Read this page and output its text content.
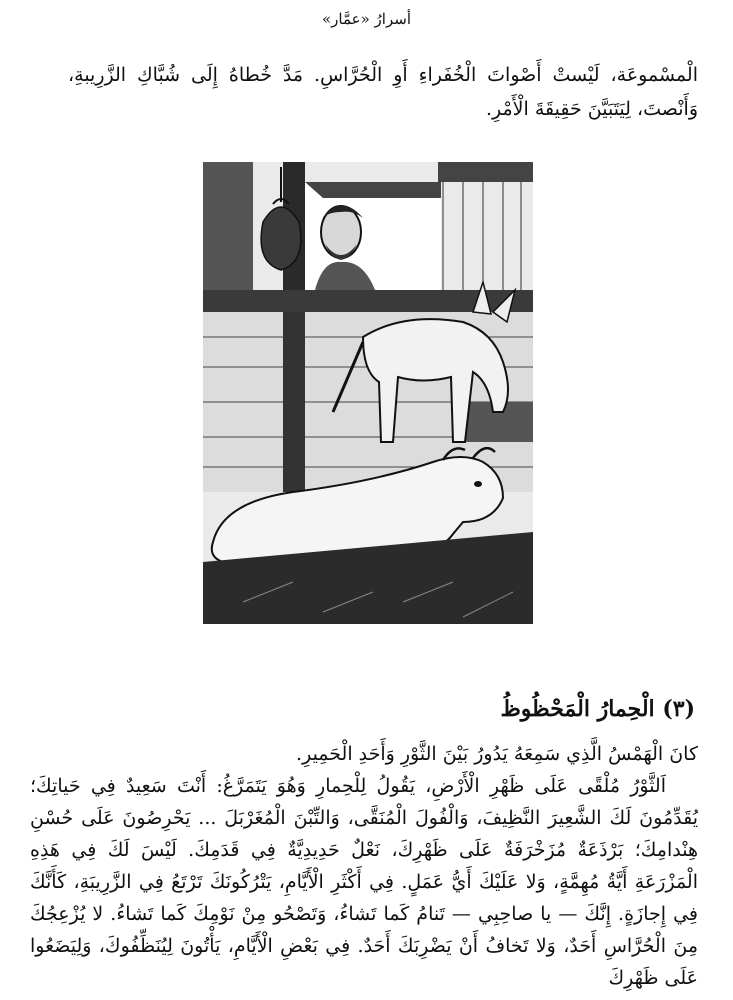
أسرارُ «عمَّار»
الْمسْموعَة، لَيْستْ أَصْواتَ الْخُفَراءِ أَوِ الْحُرَّاسِ. مَدَّ خُطاهُ إِلَى شُبَّاكِ الزَّرِيبةِ، وَأَنْصتَ، لِيَتَبَيَّنَ حَقِيقَةَ الْأَمْرِ.
(٣) الْحِمارُ الْمَحْظُوظُ

كانَ الْهَمْسُ الَّذِي سَمِعَهُ يَدُورُ بَيْنَ الثَّوْرِ وَأَحَدِ الْحَمِيرِ.

اَلثَّوْرُ مُلْقًى عَلَى ظَهْرِ الْأَرْضِ، يَقُولُ لِلْحِمارِ وَهُوَ يَتَمَرَّغُ: أَنْتَ سَعِيدٌ فِي حَياتِكَ؛ يُقَدِّمُونَ لَكَ الشَّعِيرَ النَّظِيفَ، وَالْفُولَ الْمُنَقَّى، وَالتِّبْنَ الْمُغَرْبَلَ ... يَحْرِصُونَ عَلَى حُسْنِ هِنْدامِكَ؛ بَرْذَعَةٌ مُزَخْرَفَةٌ عَلَى ظَهْرِكَ، نَعْلٌ حَدِيدِيَّةٌ فِي قَدَمِكَ. لَيْسَ لَكَ فِي هَذِهِ الْمَزْرَعَةِ أَيَّةُ مُهِمَّةٍ، وَلا عَلَيْكَ أَيُّ عَمَلٍ. فِي أَكْثَرِ الْأَيَّامِ، يَتْرُكُونَكَ تَرْتَعُ فِي الزَّرِيبَةِ، كَأَنَّكَ فِي إِجازَةٍ. إِنَّكَ — يا صاحِبِي — تَنامُ كَما تَشاءُ، وَتَصْحُو مِنْ نَوْمِكَ كَما تَشاءُ. لا يُزْعِجُكَ مِنَ الْحُرَّاسِ أَحَدٌ، وَلا تَخافُ أَنْ يَضْرِبَكَ أَحَدٌ. فِي بَعْضِ الْأَيَّامِ، يَأْتُونَ لِيُنَظِّفُوكَ، وَلِيَضَعُوا عَلَى ظَهْرِكَ
